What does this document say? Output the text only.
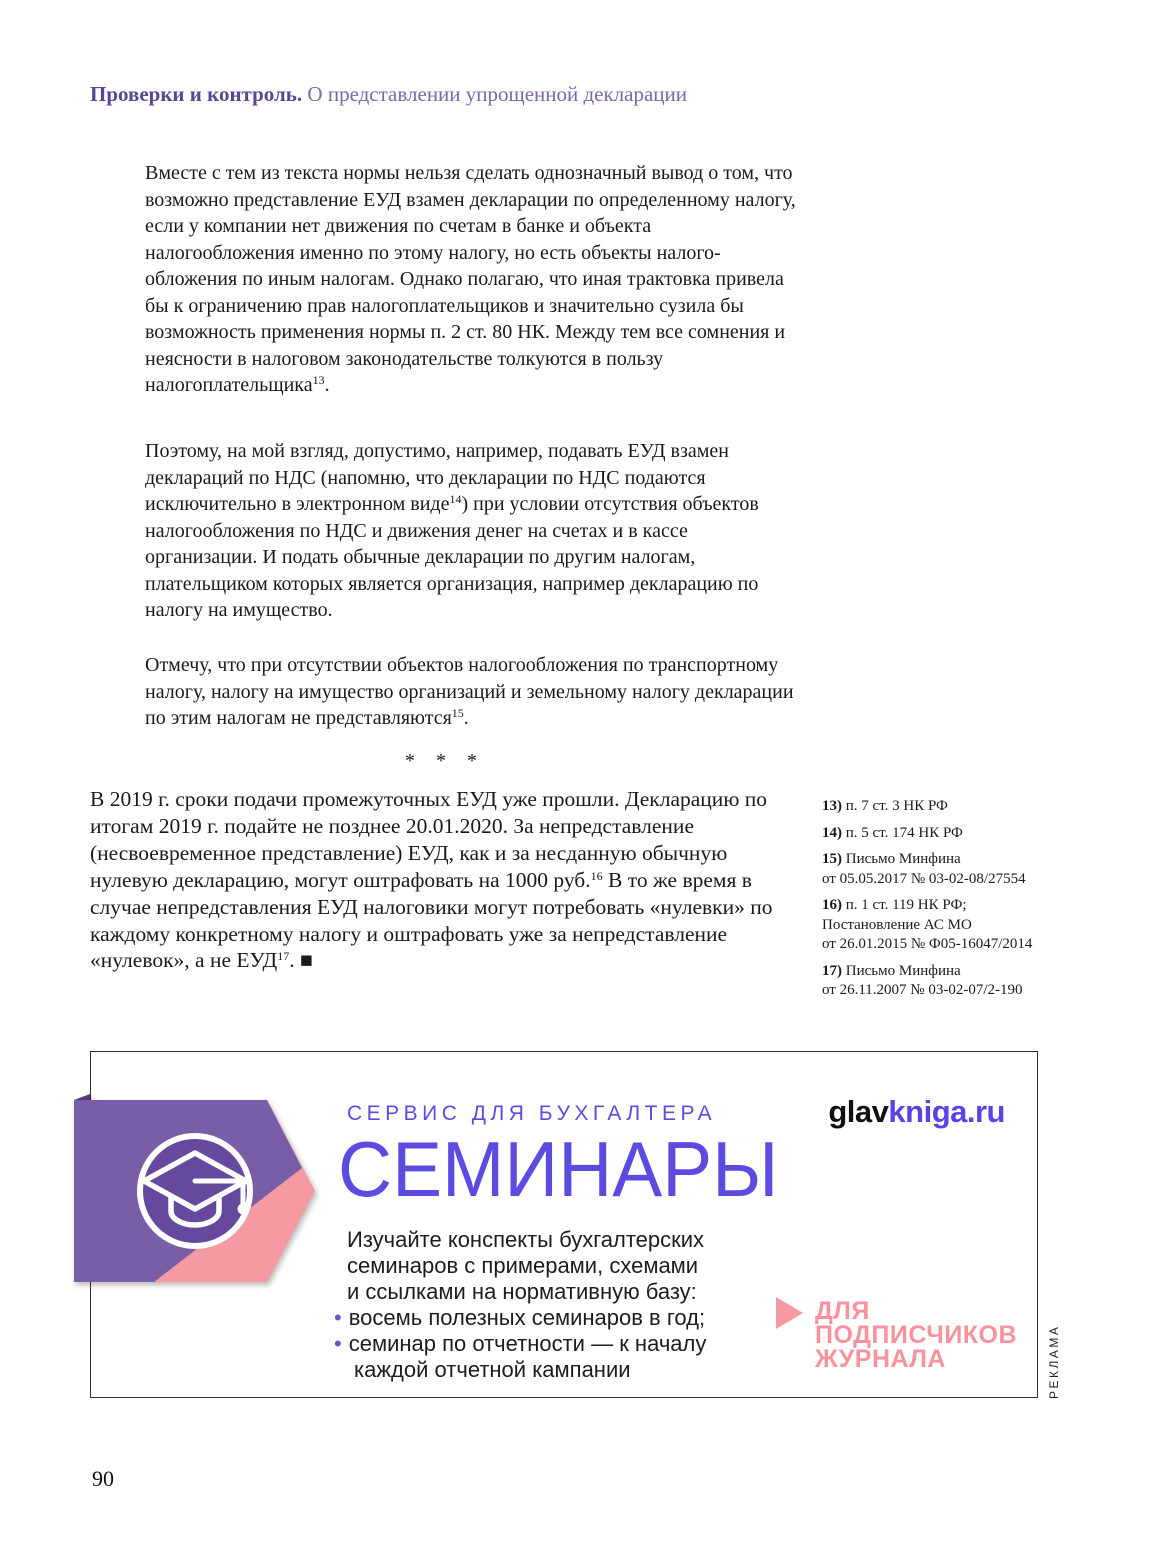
Проверки и контроль. О представлении упрощенной декларации

Вместе с тем из текста нормы нельзя сделать однозначный вывод о том, что возможно представление ЕУД взамен декларации по определенному налогу, если у компании нет движения по счетам в банке и объекта налогообложения именно по этому налогу, но есть объекты налогообложения по иным налогам. Однако полагаю, что иная трактовка привела бы к ограничению прав налогоплательщиков и значительно сузила бы возможность применения нормы п. 2 ст. 80 НК. Между тем все сомнения и неясности в налоговом законодательстве толкуются в пользу налогоплательщика$^{13}$.

Поэтому, на мой взгляд, допустимо, например, подавать ЕУД взамен деклараций по НДС (напомню, что декларации по НДС подаются исключительно в электронном виде$^{14}$) при условии отсутствия объектов налогообложения по НДС и движения денег на счетах и в кассе организации. И подать обычные декларации по другим налогам, плательщиком которых является организация, например декларацию по налогу на имущество.

Отмечу, что при отсутствии объектов налогообложения по транспортному налогу, налогу на имущество организаций и земельному налогу декларации по этим налогам не представляются$^{15}$.

* * *

В 2019 г. сроки подачи промежуточных ЕУД уже прошли. Декларацию по итогам 2019 г. подайте не позднее 20.01.2020. За непредставление (несвоевременное представление) ЕУД, как и за несданную обычную нулевую декларацию, могут оштрафовать на 1000 руб.$^{16}$ В то же время в случае непредставления ЕУД налоговики могут потребовать «нулевки» по каждому конкретному налогу и оштрафовать уже за непредставление «нулевок», а не ЕУД$^{17}$. ■

13) п. 7 ст. 3 НК РФ
14) п. 5 ст. 174 НК РФ
15) Письмо Минфина
от 05.05.2017 № 03-02-08/27554
16) п. 1 ст. 119 НК РФ;
Постановление АС МО
от 26.01.2015 № Ф05-16047/2014
17) Письмо Минфина
от 26.11.2007 № 03-02-07/2-190
СЕРВИС ДЛЯ БУХГАЛТЕРА
СЕМИНАРЫ
glavkniga.ru
Изучайте конспекты бухгалтерских
семинаров с примерами, схемами
и ссылками на нормативную базу:
• восемь полезных семинаров в год;
• семинар по отчетности — к началу
каждой отчетной кампании
ДЛЯ
ПОДПИСЧИКОВ
ЖУРНАЛА	РЕКЛАМА
90
